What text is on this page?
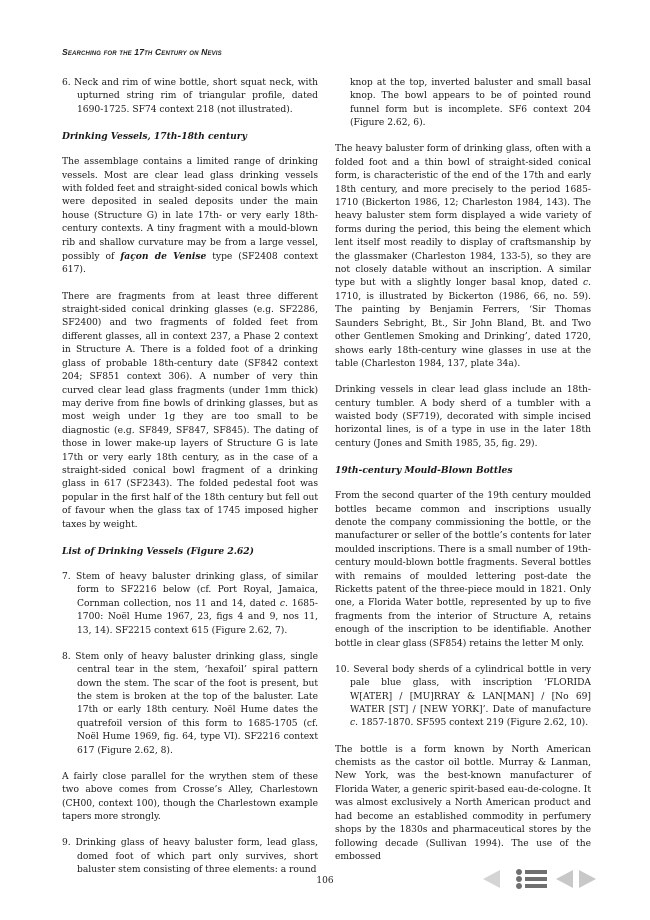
Searching for the 17th Century on Nevis

6. Neck and rim of wine bottle, short squat neck, with upturned string rim of triangular profile, dated 1690-1725. SF74 context 218 (not illustrated).

Drinking Vessels, 17th-18th century

The assemblage contains a limited range of drinking vessels. Most are clear lead glass drinking vessels with folded feet and straight-sided conical bowls which were deposited in sealed deposits under the main house (Structure G) in late 17th- or very early 18th-century contexts. A tiny fragment with a mould-blown rib and shallow curvature may be from a large vessel, possibly of façon de Venise type (SF2408 context 617).

There are fragments from at least three different straight-sided conical drinking glasses (e.g. SF2286, SF2400) and two fragments of folded feet from different glasses, all in context 237, a Phase 2 context in Structure A. There is a folded foot of a drinking glass of probable 18th-century date (SF842 context 204; SF851 context 306). A number of very thin curved clear lead glass fragments (under 1mm thick) may derive from fine bowls of drinking glasses, but as most weigh under 1g they are too small to be diagnostic (e.g. SF849, SF847, SF845). The dating of those in lower make-up layers of Structure G is late 17th or very early 18th century, as in the case of a straight-sided conical bowl fragment of a drinking glass in 617 (SF2343). The folded pedestal foot was popular in the first half of the 18th century but fell out of favour when the glass tax of 1745 imposed higher taxes by weight.

List of Drinking Vessels (Figure 2.62)

7. Stem of heavy baluster drinking glass, of similar form to SF2216 below (cf. Port Royal, Jamaica, Cornman collection, nos 11 and 14, dated c. 1685-1700: Noël Hume 1967, 23, figs 4 and 9, nos 11, 13, 14). SF2215 context 615 (Figure 2.62, 7).

8. Stem only of heavy baluster drinking glass, single central tear in the stem, ‘hexafoil’ spiral pattern down the stem. The scar of the foot is present, but the stem is broken at the top of the baluster. Late 17th or early 18th century. Noël Hume dates the quatrefoil version of this form to 1685-1705 (cf. Noël Hume 1969, fig. 64, type VI). SF2216 context 617 (Figure 2.62, 8).

A fairly close parallel for the wrythen stem of these two above comes from Crosse’s Alley, Charlestown (CH00, context 100), though the Charlestown example tapers more strongly.

9. Drinking glass of heavy baluster form, lead glass, domed foot of which part only survives, short baluster stem consisting of three elements: a round

knop at the top, inverted baluster and small basal knop. The bowl appears to be of pointed round funnel form but is incomplete. SF6 context 204 (Figure 2.62, 6).

The heavy baluster form of drinking glass, often with a folded foot and a thin bowl of straight-sided conical form, is characteristic of the end of the 17th and early 18th century, and more precisely to the period 1685-1710 (Bickerton 1986, 12; Charleston 1984, 143). The heavy baluster stem form displayed a wide variety of forms during the period, this being the element which lent itself most readily to display of craftsmanship by the glassmaker (Charleston 1984, 133-5), so they are not closely datable without an inscription. A similar type but with a slightly longer basal knop, dated c. 1710, is illustrated by Bickerton (1986, 66, no. 59). The painting by Benjamin Ferrers, ‘Sir Thomas Saunders Sebright, Bt., Sir John Bland, Bt. and Two other Gentlemen Smoking and Drinking’, dated 1720, shows early 18th-century wine glasses in use at the table (Charleston 1984, 137, plate 34a).

Drinking vessels in clear lead glass include an 18th-century tumbler. A body sherd of a tumbler with a waisted body (SF719), decorated with simple incised horizontal lines, is of a type in use in the later 18th century (Jones and Smith 1985, 35, fig. 29).

19th-century Mould-Blown Bottles

From the second quarter of the 19th century moulded bottles became common and inscriptions usually denote the company commissioning the bottle, or the manufacturer or seller of the bottle’s contents for later moulded inscriptions. There is a small number of 19th-century mould-blown bottle fragments. Several bottles with remains of moulded lettering post-date the Ricketts patent of the three-piece mould in 1821. Only one, a Florida Water bottle, represented by up to five fragments from the interior of Structure A, retains enough of the inscription to be identifiable. Another bottle in clear glass (SF854) retains the letter M only.

10. Several body sherds of a cylindrical bottle in very pale blue glass, with inscription ‘FLORIDA W[ATER] / [MU]RRAY & LAN[MAN] / [No 69] WATER [ST] / [NEW YORK]’. Date of manufacture c. 1857-1870. SF595 context 219 (Figure 2.62, 10).

The bottle is a form known by North American chemists as the castor oil bottle. Murray & Lanman, New York, was the best-known manufacturer of Florida Water, a generic spirit-based eau-de-cologne. It was almost exclusively a North American product and had become an established commodity in perfumery shops by the 1830s and pharmaceutical stores by the following decade (Sullivan 1994). The use of the embossed

106
